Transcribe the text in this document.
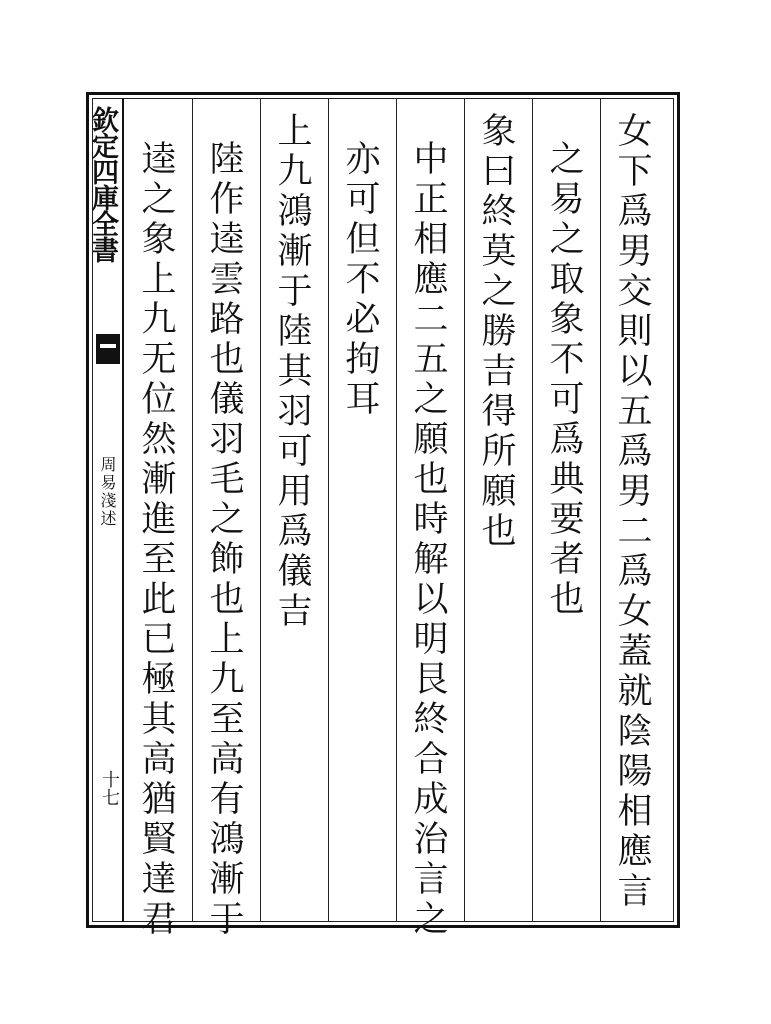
欽定四庫全書
周易淺述
十七	女下爲男交則以五爲男二爲女蓋就陰陽相應言
之易之取象不可爲典要者也
象曰終莫之勝吉得所願也
中正相應二五之願也時解以明艮終合成治言之
亦可但不必拘耳
上九鴻漸于陸其羽可用爲儀吉
陸作逵雲路也儀羽毛之飾也上九至高有鴻漸于
逵之象上九无位然漸進至此已極其高猶賢達君
